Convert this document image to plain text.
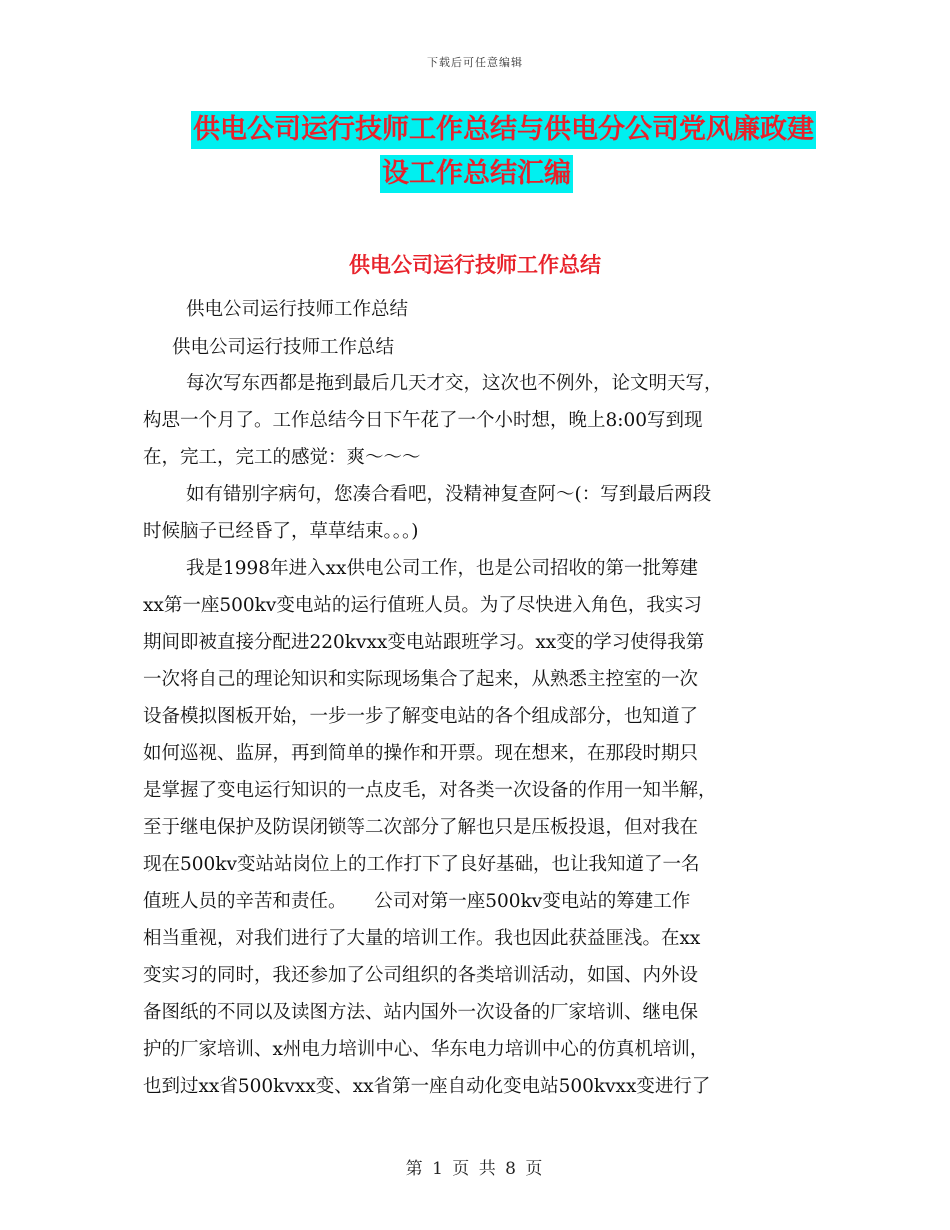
下载后可任意编辑
供电公司运行技师工作总结与供电分公司党风廉政建
设工作总结汇编
供电公司运行技师工作总结
供电公司运行技师工作总结
供电公司运行技师工作总结
每次写东西都是拖到最后几天才交，这次也不例外，论文明天写，
构思一个月了。工作总结今日下午花了一个小时想，晚上8:00写到现
在，完工，完工的感觉：爽～～～
如有错别字病句，您凑合看吧，没精神复查阿～(：写到最后两段
时候脑子已经昏了，草草结束。。。)
我是1998年进入xx供电公司工作，也是公司招收的第一批筹建
xx第一座500kv变电站的运行值班人员。为了尽快进入角色，我实习
期间即被直接分配进220kvxx变电站跟班学习。xx变的学习使得我第
一次将自己的理论知识和实际现场集合了起来，从熟悉主控室的一次
设备模拟图板开始，一步一步了解变电站的各个组成部分，也知道了
如何巡视、监屏，再到简单的操作和开票。现在想来，在那段时期只
是掌握了变电运行知识的一点皮毛，对各类一次设备的作用一知半解，
至于继电保护及防误闭锁等二次部分了解也只是压板投退，但对我在
现在500kv变站站岗位上的工作打下了良好基础，也让我知道了一名
值班人员的辛苦和责任。　　公司对第一座500kv变电站的筹建工作
相当重视，对我们进行了大量的培训工作。我也因此获益匪浅。在xx
变实习的同时，我还参加了公司组织的各类培训活动，如国、内外设
备图纸的不同以及读图方法、站内国外一次设备的厂家培训、继电保
护的厂家培训、x州电力培训中心、华东电力培训中心的仿真机培训，
也到过xx省500kvxx变、xx省第一座自动化变电站500kvxx变进行了
第 1 页 共 8 页
